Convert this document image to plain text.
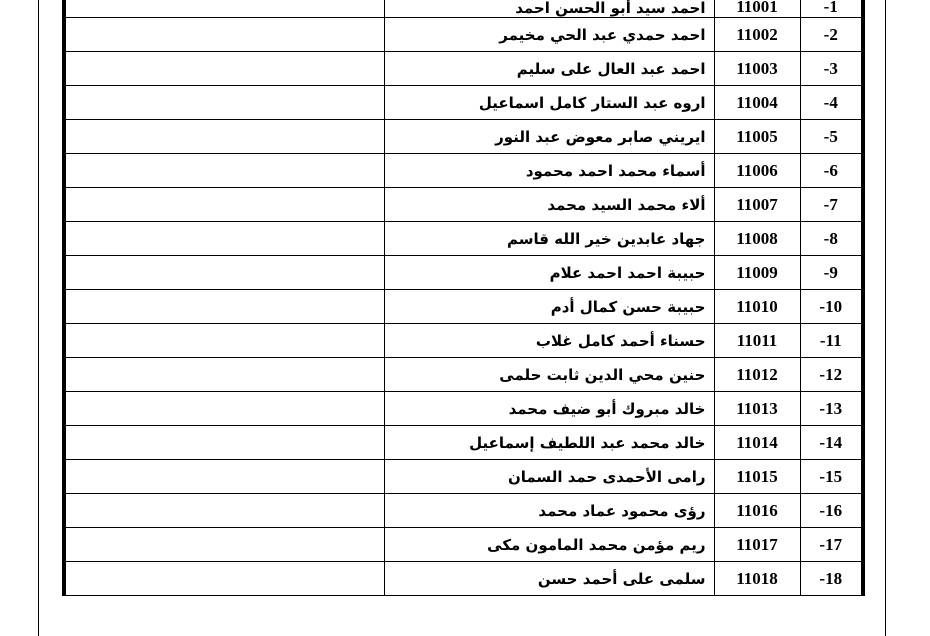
	احمد سيد أبو الحسن احمد	11001	-1
	احمد حمدي عبد الحي مخيمر	11002	-2
	احمد عبد العال على سليم	11003	-3
	اروه عبد الستار كامل اسماعيل	11004	-4
	ايريني صابر معوض عبد النور	11005	-5
	أسماء محمد احمد محمود	11006	-6
	ألاء محمد السيد محمد	11007	-7
	جهاد عابدين خير الله قاسم	11008	-8
	حبيبة احمد احمد علام	11009	-9
	حبيبة حسن كمال أدم	11010	-10
	حسناء أحمد كامل غلاب	11011	-11
	حنين محي الدين ثابت حلمى	11012	-12
	خالد مبروك أبو ضيف محمد	11013	-13
	خالد محمد عبد اللطيف إسماعيل	11014	-14
	رامى الأحمدى حمد السمان	11015	-15
	رؤى محمود عماد محمد	11016	-16
	ريم مؤمن محمد المامون مكى	11017	-17
	سلمى على أحمد حسن	11018	-18
